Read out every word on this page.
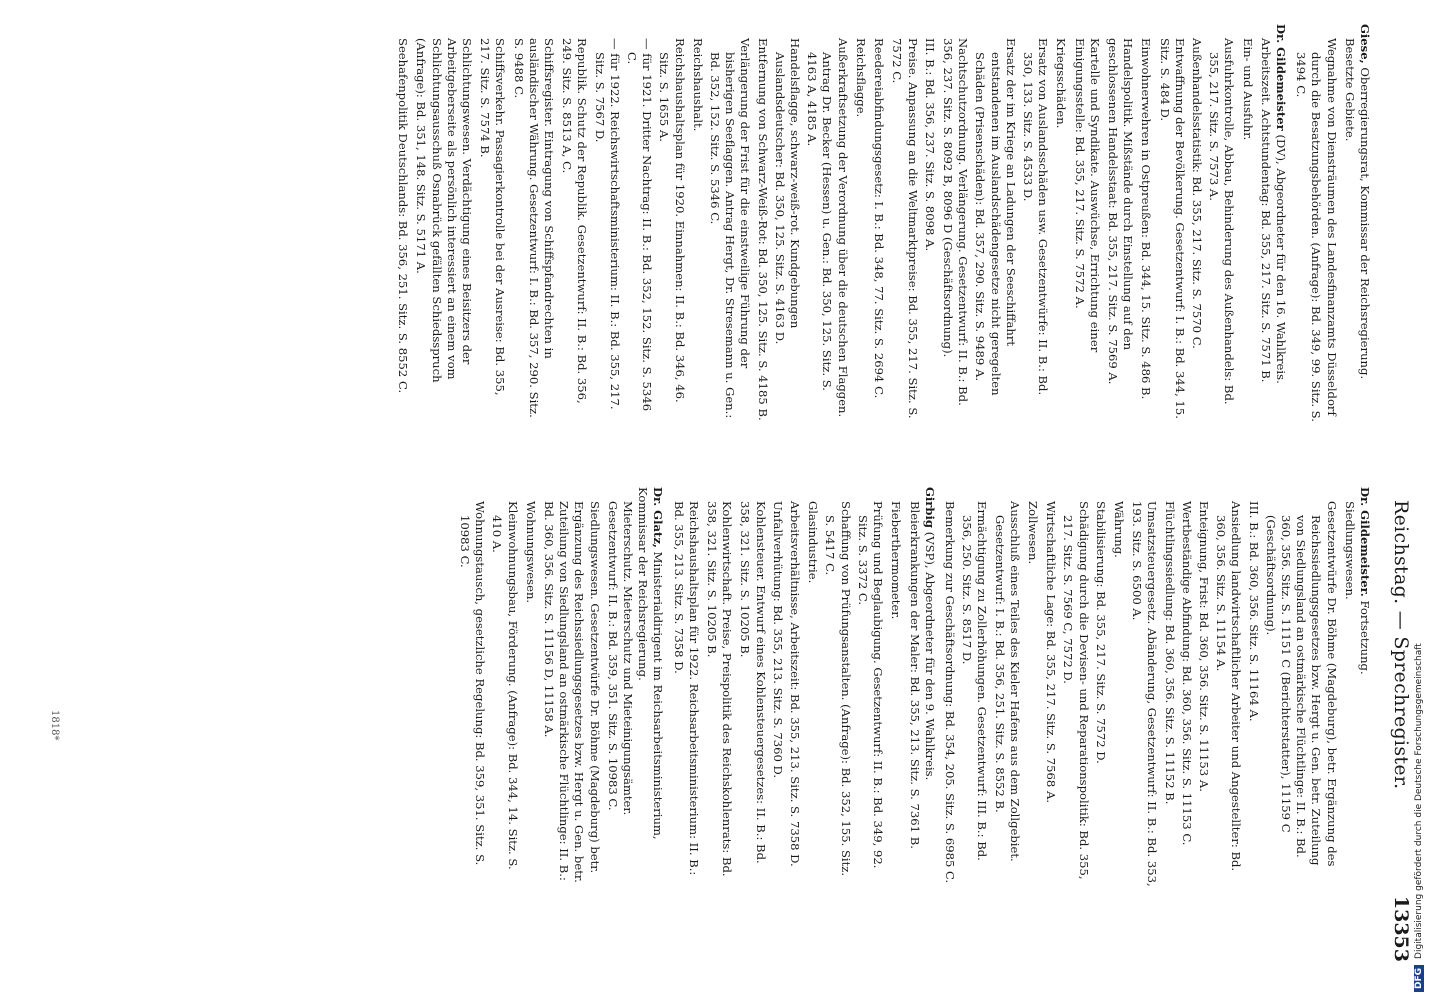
Reichstag. — Sprechregister.
13353

Giese, Oberregierungsrat, Kommissar der Reichsregierung.

Besetzte Gebiete.

Wegnahme von Diensträumen des Landesfinanzamts Düsseldorf durch die Besatzungsbehörden. (Anfrage): Bd. 349, 99. Sitz. S. 3494 C.

Dr. Gildemeister (DV), Abgeordneter für den 16. Wahlkreis.

Arbeitszeit. Achtstundentag: Bd. 355, 217. Sitz. S. 7571 B.

Ein- und Ausfuhr.

Ausfuhrkontrolle, Abbau, Behinderung des Außenhandels: Bd. 355, 217. Sitz. S. 7573 A.

Außenhandelsstatistik: Bd. 355, 217. Sitz. S. 7570 C.

Entwaffnung der Bevölkerung. Gesetzentwurf: I. B.: Bd. 344, 15. Sitz. S. 484 D.

Einwohnerwehren in Ostpreußen: Bd. 344, 15. Sitz. S. 486 B.

Handelspolitik. Mißstände durch Einstellung auf den geschlossenen Handelsstaat: Bd. 355, 217. Sitz. S. 7569 A.

Kartelle und Syndikate. Auswüchse, Errichtung einer Einigungsstelle: Bd. 355, 217. Sitz. S. 7572 A.

Kriegsschäden.

Ersatz von Auslandsschäden usw. Gesetzentwürfe: II. B.: Bd. 350, 133. Sitz. S. 4533 D.

Ersatz der im Kriege an Ladungen der Seeschiffahrt entstandenen im Auslandschädengesetze nicht geregelten Schäden (Prisenschäden): Bd. 357, 290. Sitz. S. 9489 A.

Nachtschutzordnung. Verlängerung. Gesetzentwurf: II. B.: Bd. 356, 237. Sitz. S. 8092 B, 8096 D (Geschäftsordnung).

III. B.: Bd. 356, 237. Sitz. S. 8098 A.

Preise. Anpassung an die Weltmarktpreise: Bd. 355, 217. Sitz. S. 7572 C.

Reedereiabfindungsgesetz: I. B.: Bd. 348, 77. Sitz. S. 2694 C.

Reichsflagge.

Außerkraftsetzung der Verordnung über die deutschen Flaggen. Antrag Dr. Becker (Hessen) u. Gen.: Bd. 350, 125. Sitz. S. 4163 A, 4185 A.

Handelsflagge, schwarz-weiß-rot. Kundgebungen Auslandsdeutscher: Bd. 350, 125. Sitz. S. 4163 D.

Entfernung von Schwarz-Weiß-Rot: Bd. 350, 125. Sitz. S. 4185 B.

Verlängerung der Frist für die einstweilige Führung der bisherigen Seeflaggen. Antrag Hergt, Dr. Stresemann u. Gen.: Bd. 352, 152. Sitz. S. 5346 C.

Reichshaushalt.

Reichshaushaltsplan für 1920. Einnahmen: II. B.: Bd. 346, 46. Sitz. S. 1655 A.

— für 1921. Dritter Nachtrag: II. B.: Bd. 352, 152. Sitz. S. 5346 C.

— für 1922. Reichswirtschaftsministerium: II. B.: Bd. 355, 217. Sitz. S. 7567 D.

Republik. Schutz der Republik. Gesetzentwurf: II. B.: Bd. 356, 249. Sitz. S. 8513 A, C.

Schiffsregister. Eintragung von Schiffspfandrechten in ausländischer Währung. Gesetzentwurf: I. B.: Bd. 357, 290. Sitz. S. 9488 C.

Schiffsverkehr. Passagierkontrolle bei der Ausreise: Bd. 355, 217. Sitz. S. 7574 B.

Schlichtungswesen. Verdächtigung eines Beisitzers der Arbeitgeberseite als persönlich interessiert an einem vom Schlichtungsausschuß Osnabrück gefällten Schiedsspruch (Anfrage): Bd. 351, 148. Sitz. S. 5171 A.

Seehafenpolitik Deutschlands: Bd. 356, 251. Sitz. S. 8552 C.

Dr. Gildemeister. Fortsetzung.

Siedlungswesen.

Gesetzentwürfe Dr. Böhme (Magdeburg), betr. Ergänzung des Reichssiedlungsgesetzes bzw. Hergt u. Gen. betr. Zuteilung von Siedlungsland an ostmärkische Flüchtlinge: II. B.: Bd. 360, 356. Sitz. S. 11151 C (Berichterstatter), 11159 C (Geschäftsordnung).

III. B.: Bd. 360, 356. Sitz. S. 11164 A.

Ansiedlung landwirtschaftlicher Arbeiter und Angestellter: Bd. 360, 356. Sitz. S. 11154 A.

Enteignung, Frist: Bd. 360, 356. Sitz. S. 11153 A.

Wertbeständige Abfindung: Bd. 360, 356. Sitz. S. 11153 C.

Flüchtlingssiedlung: Bd. 360, 356. Sitz. S. 11152 B.

Umsatzsteuergesetz. Abänderung, Gesetzentwurf: II. B.: Bd. 353, 193. Sitz. S. 6500 A.

Währung.

Stabilisierung: Bd. 355, 217. Sitz. S. 7572 D.

Schädigung durch die Devisen- und Reparationspolitik: Bd. 355, 217. Sitz. S. 7569 C, 7572 D.

Wirtschaftliche Lage: Bd. 355, 217. Sitz. S. 7568 A.

Zollwesen.

Ausschluß eines Teiles des Kieler Hafens aus dem Zollgebiet. Gesetzentwurf: I. B.: Bd. 356, 251. Sitz. S. 8552 B.

Ermächtigung zu Zollerhöhungen. Gesetzentwurf: III. B.: Bd. 356, 250. Sitz. S. 8517 D.

Bemerkung zur Geschäftsordnung: Bd. 354, 205. Sitz. S. 6985 C.

Girbig (VSP), Abgeordneter für den 9. Wahlkreis.

Bleierkrankungen der Maler: Bd. 355, 213. Sitz. S. 7361 B.

Fieberthermometer.

Prüfung und Beglaubigung. Gesetzentwurf: II. B.: Bd. 349, 92. Sitz. S. 3372 C.

Schaffung von Prüfungsanstalten. (Anfrage): Bd. 352, 155. Sitz. S. 5417 C.

Glasindustrie.

Arbeitsverhältnisse, Arbeitszeit: Bd. 355, 213. Sitz. S. 7358 D.

Unfallverhütung: Bd. 355, 213. Sitz. S. 7360 D.

Kohlensteuer. Entwurf eines Kohlensteuergesetzes: II. B.: Bd. 358, 321. Sitz. S. 10205 B.

Kohlenwirtschaft. Preise, Preispolitik des Reichskohlenrats: Bd. 358, 321. Sitz. S. 10205 B.

Reichshaushaltsplan für 1922. Reichsarbeitsministerium: II. B.: Bd. 355, 213. Sitz. S. 7358 D.

Dr. Glatz, Ministerialdirigent im Reichsarbeitsministerium, Kommissar der Reichsregierung.

Mieterschutz. Mieterschutz und Mieteinigungsämter. Gesetzentwurf: II. B.: Bd. 359, 351. Sitz. S. 10983 C.

Siedlungswesen. Gesetzentwürfe Dr. Böhme (Magdeburg) betr. Ergänzung des Reichssiedlungsgesetzes bzw. Hergt u. Gen. betr. Zuteilung von Siedlungsland an ostmärkische Flüchtlinge: II. B.: Bd. 360, 356. Sitz. S. 11156 D, 11158 A.

Wohnungswesen.

Kleinwohnungsbau, Förderung. (Anfrage): Bd. 344, 14. Sitz. S. 410 A.

Wohnungstausch, gesetzliche Regelung: Bd. 359, 351. Sitz. S. 10983 C.

1818*
DFGDigitalisierung gefördert durch die Deutsche Forschungsgemeinschaft
